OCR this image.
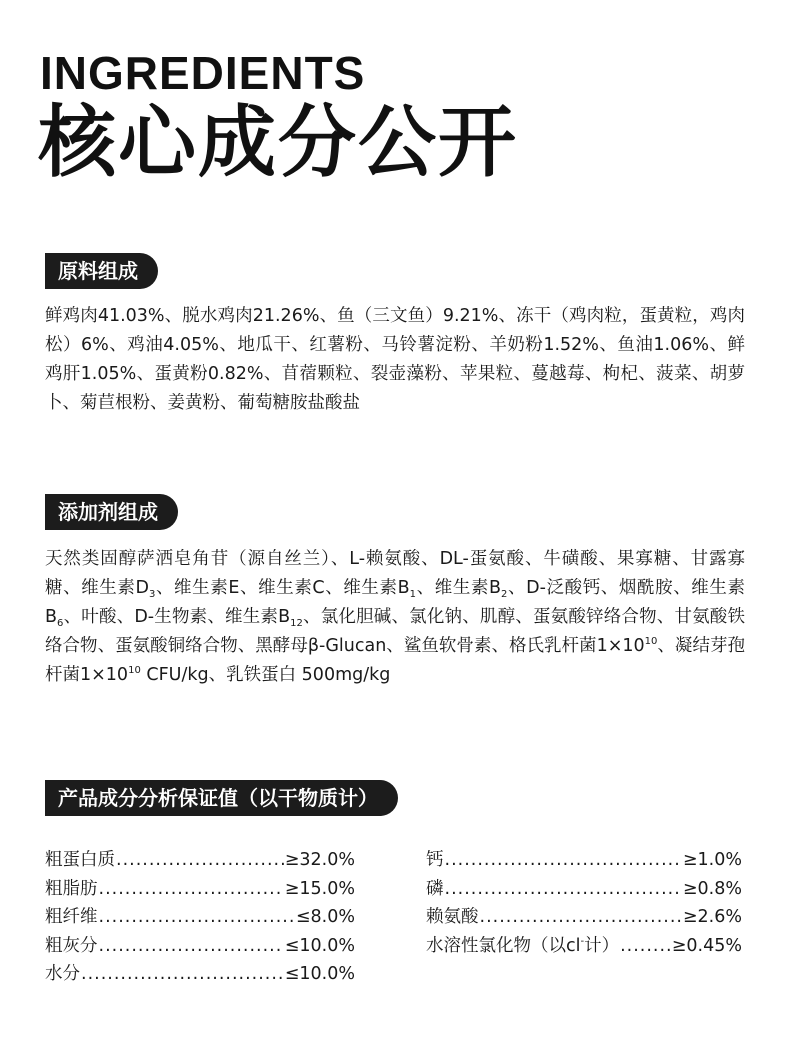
INGREDIENTS
核心成分公开
原料组成
鲜鸡肉41.03%、脱水鸡肉21.26%、鱼（三文鱼）9.21%、冻干（鸡肉粒，蛋黄粒，鸡肉松）6%、鸡油4.05%、地瓜干、红薯粉、马铃薯淀粉、羊奶粉1.52%、鱼油1.06%、鲜鸡肝1.05%、蛋黄粉0.82%、苜蓿颗粒、裂壶藻粉、苹果粒、蔓越莓、枸杞、菠菜、胡萝卜、菊苣根粉、姜黄粉、葡萄糖胺盐酸盐
添加剂组成
天然类固醇萨洒皂角苷（源自丝兰）、L-赖氨酸、DL-蛋氨酸、牛磺酸、果寡糖、甘露寡糖、维生素$D_3$、维生素E、维生素C、维生素$B_1$、维生素$B_2$、D-泛酸钙、烟酰胺、维生素$B_6$、叶酸、D-生物素、维生素$B_{12}$、氯化胆碱、氯化钠、肌醇、蛋氨酸锌络合物、甘氨酸铁络合物、蛋氨酸铜络合物、黑酵母β-Glucan、鲨鱼软骨素、格氏乳杆菌$1\times 10^{10}$、凝结芽孢杆菌$1\times 10^{10}$ CFU/kg、乳铁蛋白 500mg/kg
产品成分分析保证值（以干物质计）
粗蛋白质 .....	≥32.0%
粗脂肪 .....	≥15.0%
粗纤维 .....	≤8.0%
粗灰分 .....	≤10.0%
水分 .....	≤10.0%
钙 .....	≥1.0%
磷 .....	≥0.8%
赖氨酸 .....	≥2.6%
水溶性氯化物（以cl-计） .....	≥0.45%
